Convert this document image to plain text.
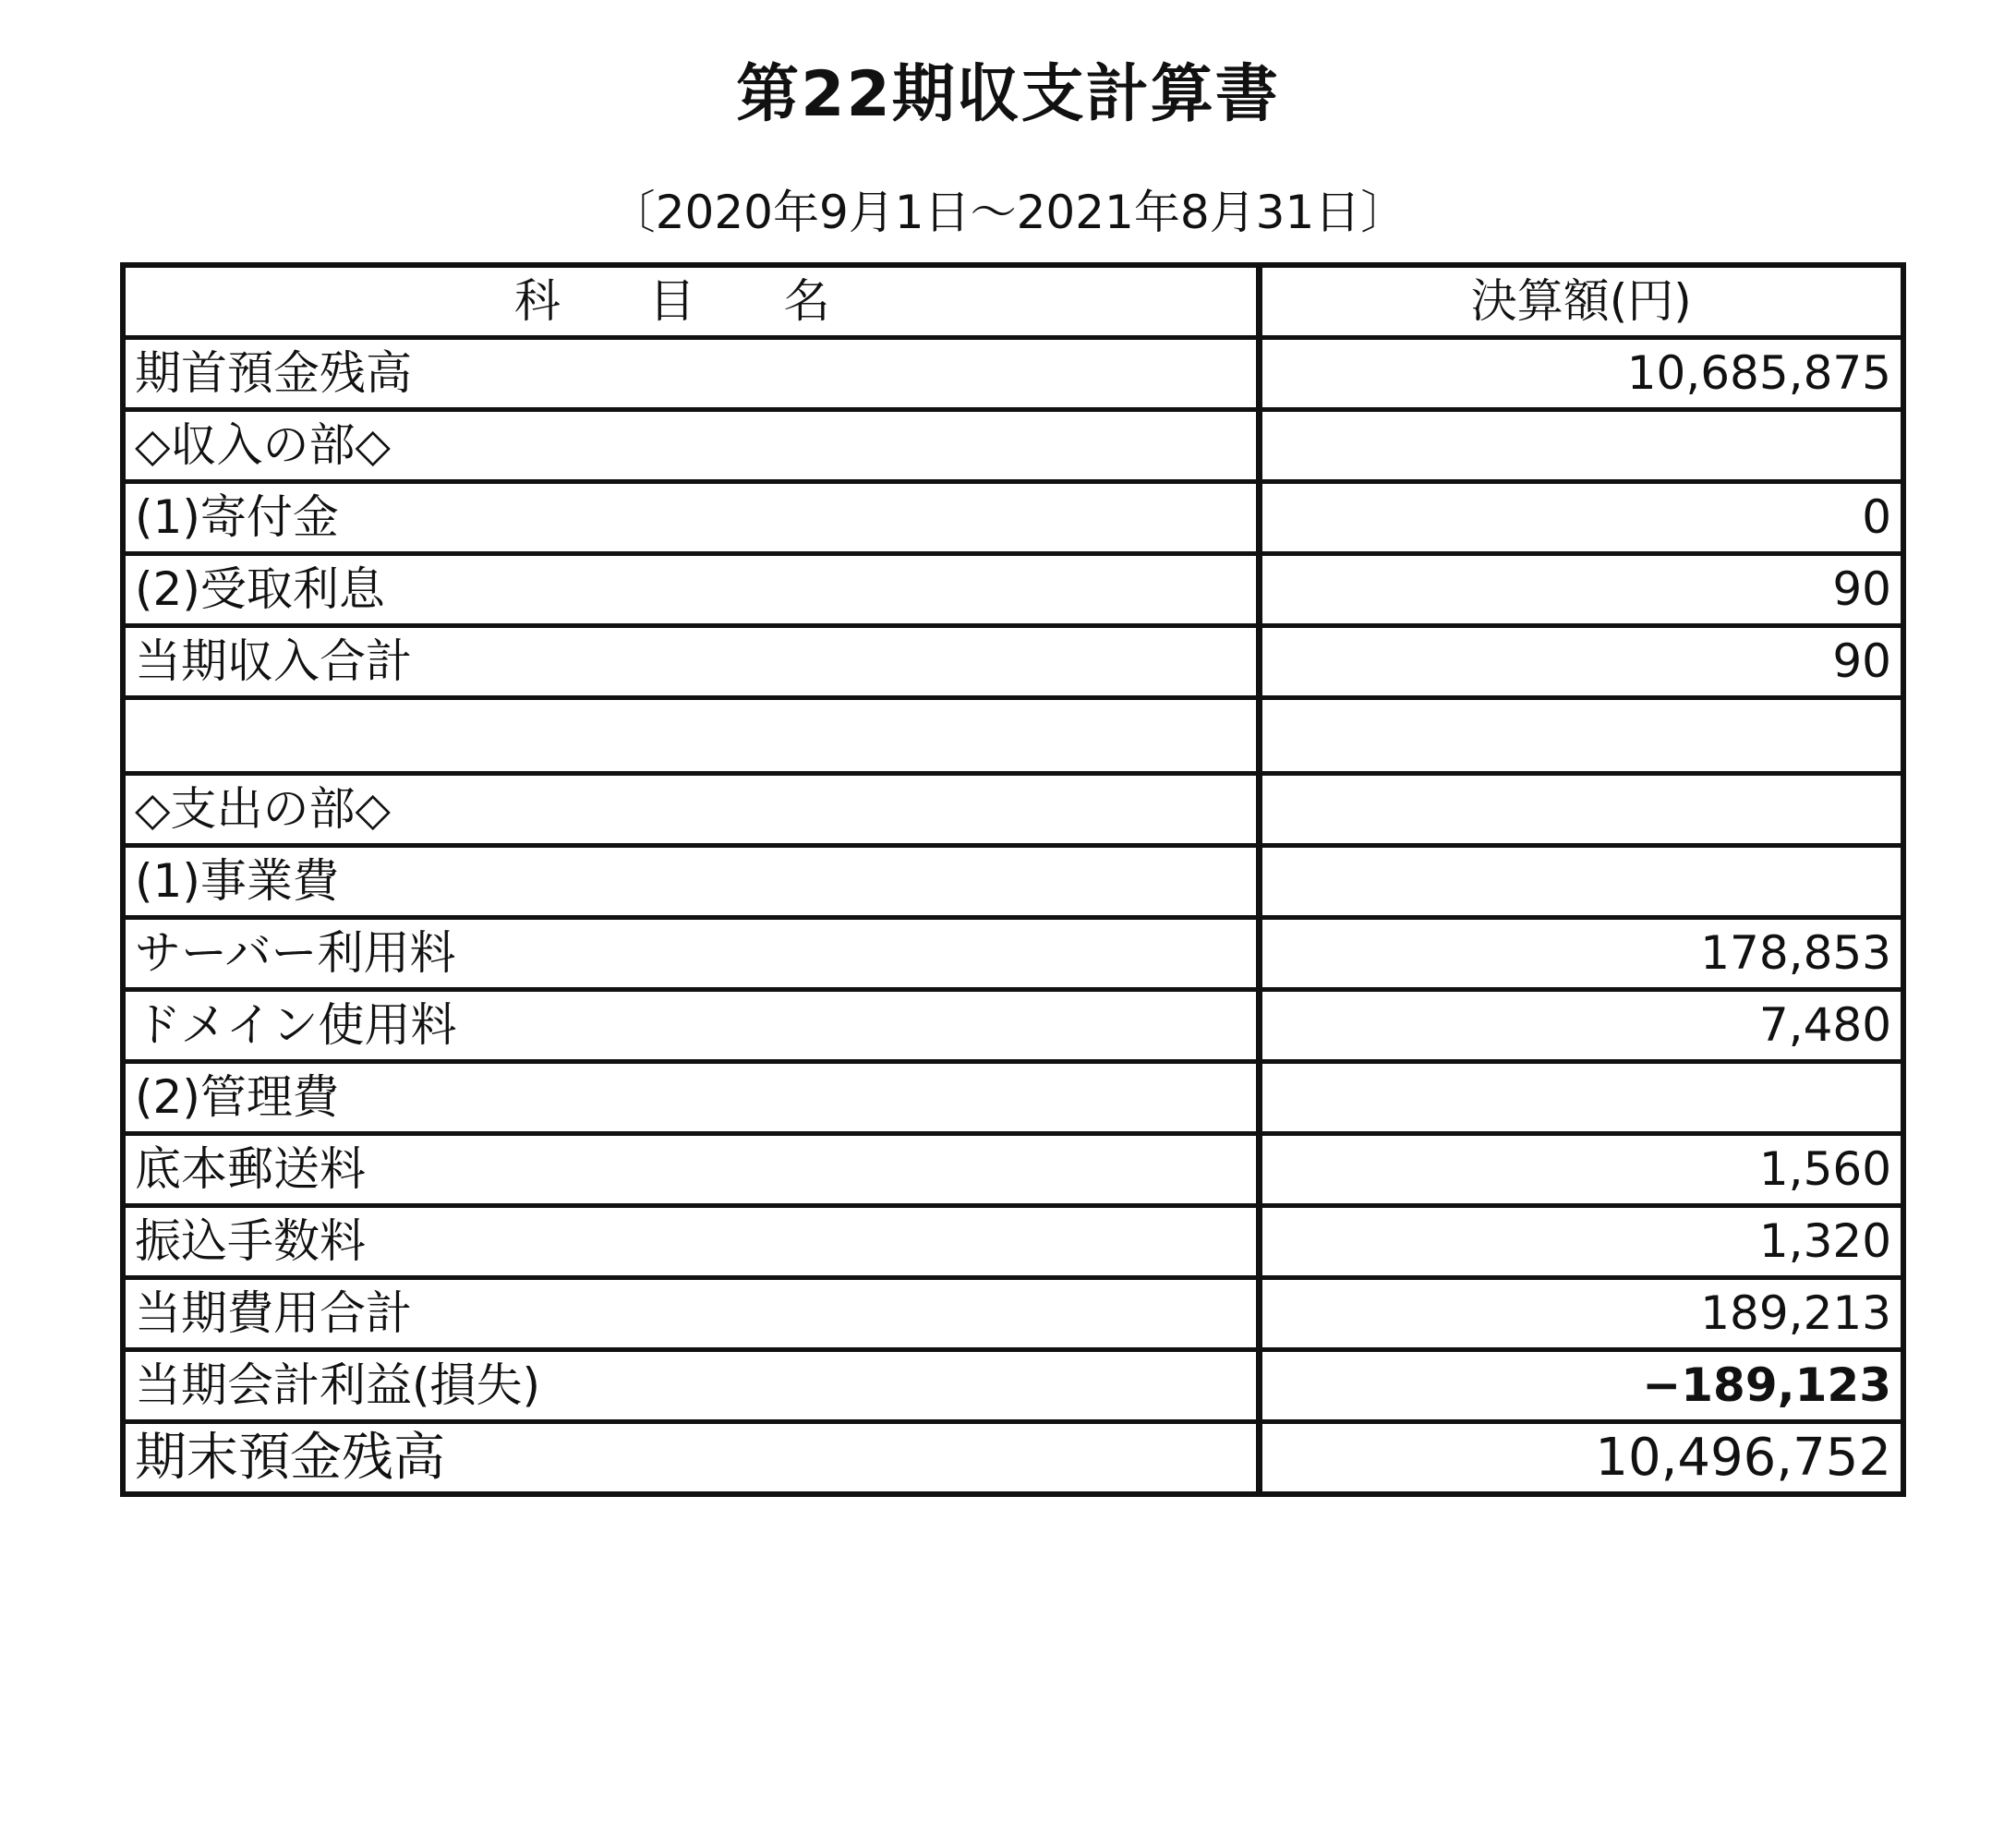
第22期収支計算書
〔2020年9月1日～2021年8月31日〕
科 目 名	決算額(円)
期首預金残高	10,685,875
◇収入の部◇	
(1)寄付金	0
(2)受取利息	90
当期収入合計	90

◇支出の部◇	
(1)事業費	
サーバー利用料	178,853
ドメイン使用料	7,480
(2)管理費	
底本郵送料	1,560
振込手数料	1,320
当期費用合計	189,213
当期会計利益(損失)	−189,123
期末預金残高	10,496,752
